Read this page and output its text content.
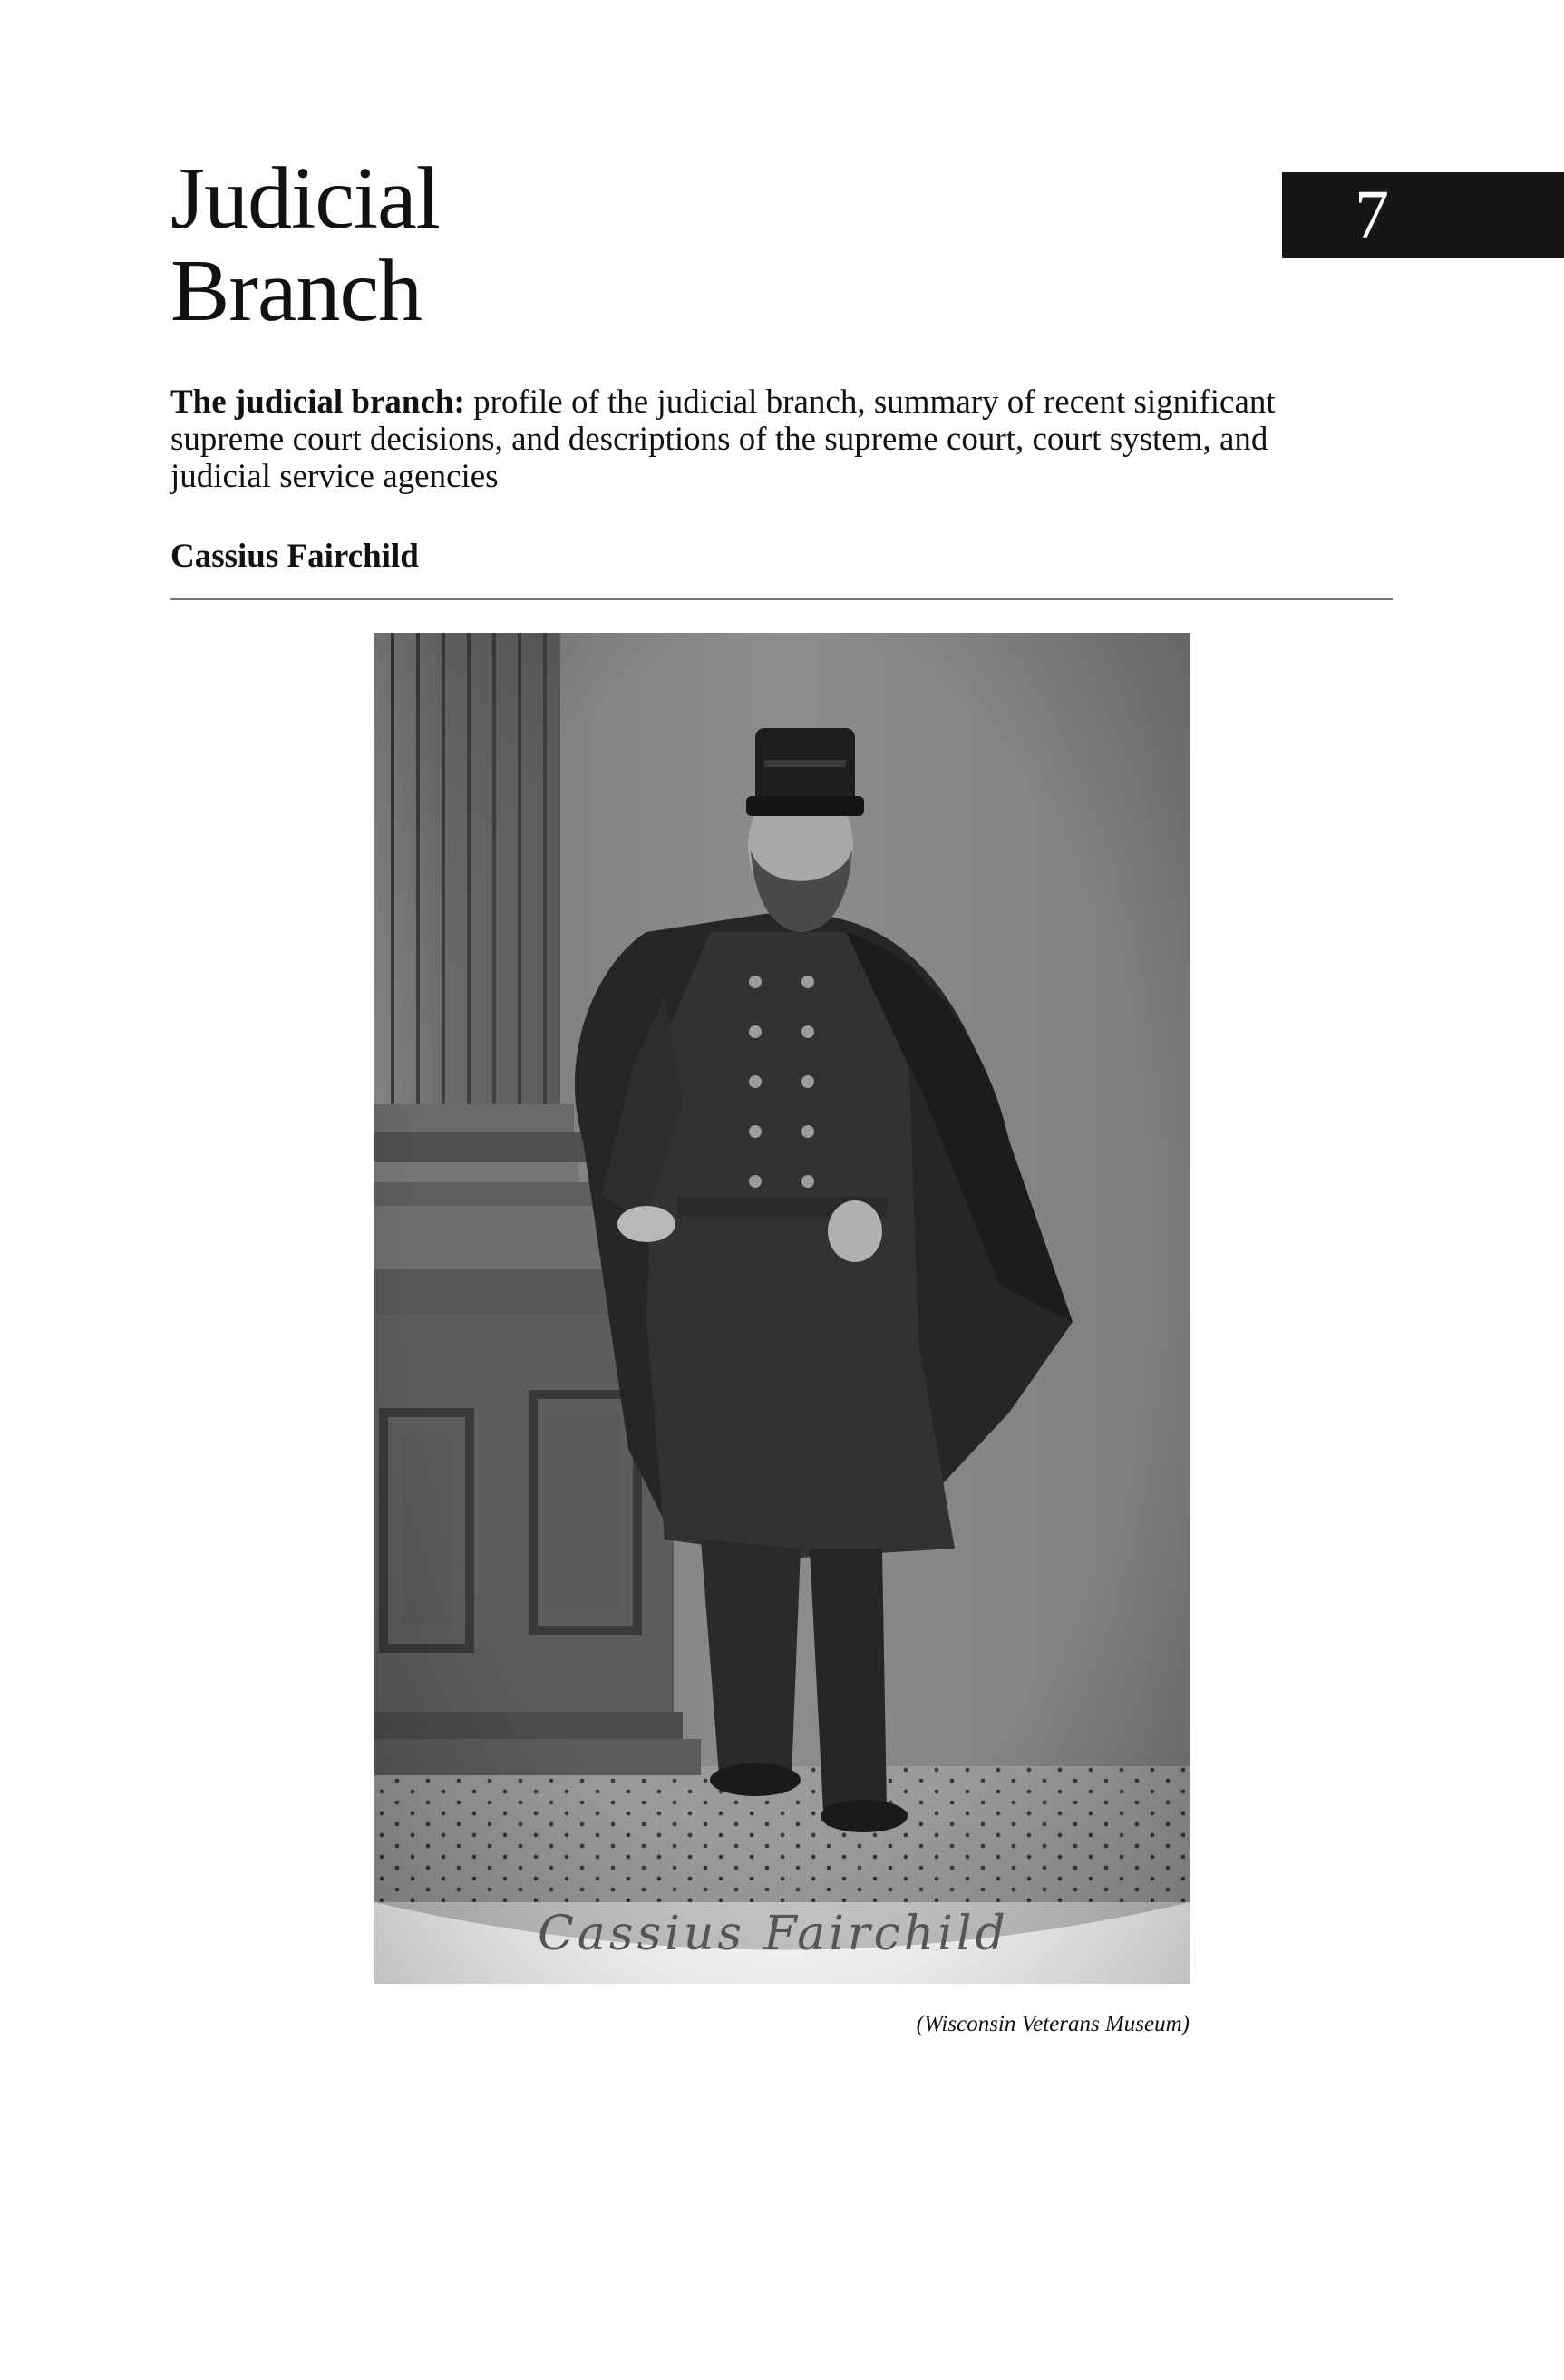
Judicial
Branch
7

The judicial branch: profile of the judicial branch, summary of recent significant supreme court decisions, and descriptions of the supreme court, court system, and judicial service agencies

Cassius Fairchild
Cassius Fairchild
(Wisconsin Veterans Museum)
